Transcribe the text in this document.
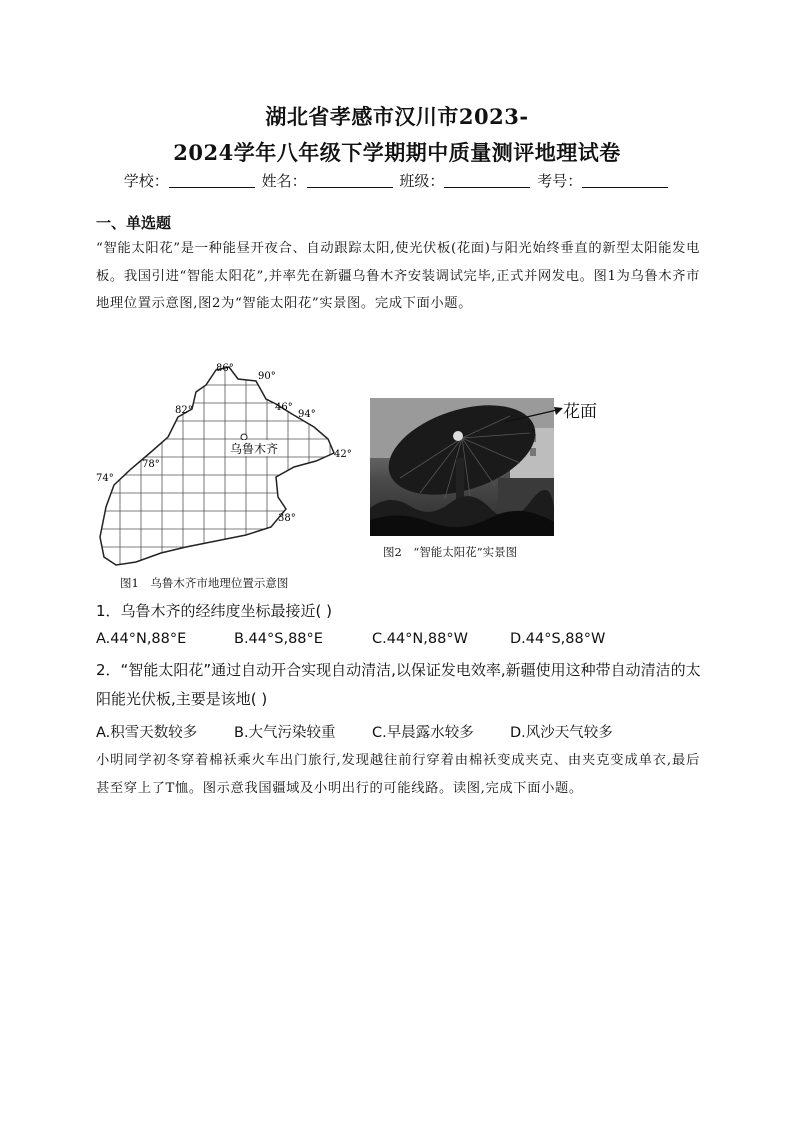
湖北省孝感市汉川市2023-
2024学年八年级下学期期中质量测评地理试卷
学校：	姓名：	班级：	考号：
一、单选题
“智能太阳花”是一种能昼开夜合、自动跟踪太阳,使光伏板(花面)与阳光始终垂直的新型太阳能发电板。我国引进“智能太阳花”,并率先在新疆乌鲁木齐安装调试完毕,正式并网发电。图1为乌鲁木齐市地理位置示意图,图2为“智能太阳花”实景图。完成下面小题。
乌鲁木齐
86°
90°
82°	46°
94°
42°
78°
74°
38°
图1　乌鲁木齐市地理位置示意图
花面
图2　“智能太阳花”实景图
1．乌鲁木齐的经纬度坐标最接近( )
A.44°N,88°E	B.44°S,88°E	C.44°N,88°W	D.44°S,88°W
2．“智能太阳花”通过自动开合实现自动清洁,以保证发电效率,新疆使用这种带自动清洁的太阳能光伏板,主要是该地( )
A.积雪天数较多	B.大气污染较重	C.早晨露水较多	D.风沙天气较多
小明同学初冬穿着棉袄乘火车出门旅行,发现越往前行穿着由棉袄变成夹克、由夹克变成单衣,最后甚至穿上了T恤。图示意我国疆域及小明出行的可能线路。读图,完成下面小题。
